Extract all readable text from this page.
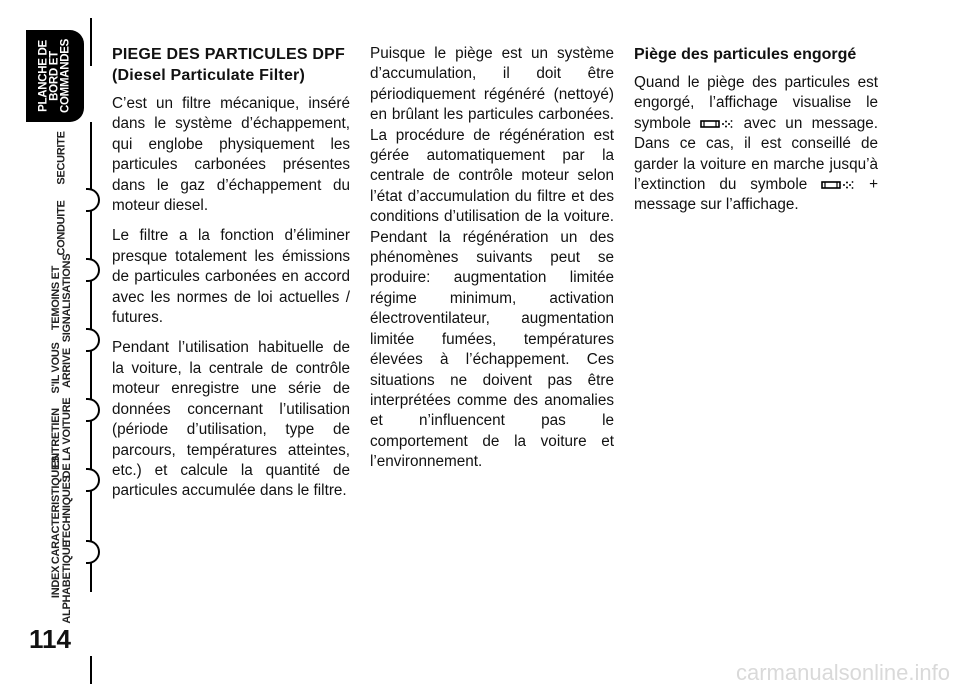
PLANCHE DE
BORD ET
COMMANDES
SECURITE
CONDUITE
TEMOINS ET
SIGNALISATIONS
S'IL VOUS
ARRIVE
ENTRETIEN
DE LA VOITURE
CARACTERISTIQUES
TECHNIQUES
INDEX
ALPHABETIQUE
114
PIEGE DES PARTICULES DPF (Diesel Particulate Filter)

C’est un filtre mécanique, inséré dans le système d’échappement, qui englobe physiquement les particules carbonées présentes dans le gaz d’échappement du moteur diesel.

Le filtre a la fonction d’éliminer presque totalement les émissions de particules carbonées en accord avec les normes de loi actuelles / futures.

Pendant l’utilisation habituelle de la voiture, la centrale de contrôle moteur enregistre une série de données concernant l’utilisation (période d’utilisation, type de parcours, températures atteintes, etc.) et calcule la quantité de particules accumulée dans le filtre.

Puisque le piège est un système d’accumulation, il doit être périodiquement régénéré (nettoyé) en brûlant les particules carbonées. La procédure de régénération est gérée automatiquement par la centrale de contrôle moteur selon l’état d’accumulation du filtre et des conditions d’utilisation de la voiture. Pendant la régénération un des phénomènes suivants peut se produire: augmentation limitée régime minimum, activation électroventilateur, augmentation limitée fumées, températures élevées à l’échappement. Ces situations ne doivent pas être interprétées comme des anomalies et n’influencent pas le comportement de la voiture et l’environnement.

Piège des particules engorgé

Quand le piège des particules est engorgé, l’affichage visualise le symbole	avec un message. Dans ce cas, il est conseillé de garder la voiture en marche jusqu’à l’extinction du symbole	+ message sur l’affichage.

carmanualsonline.info
